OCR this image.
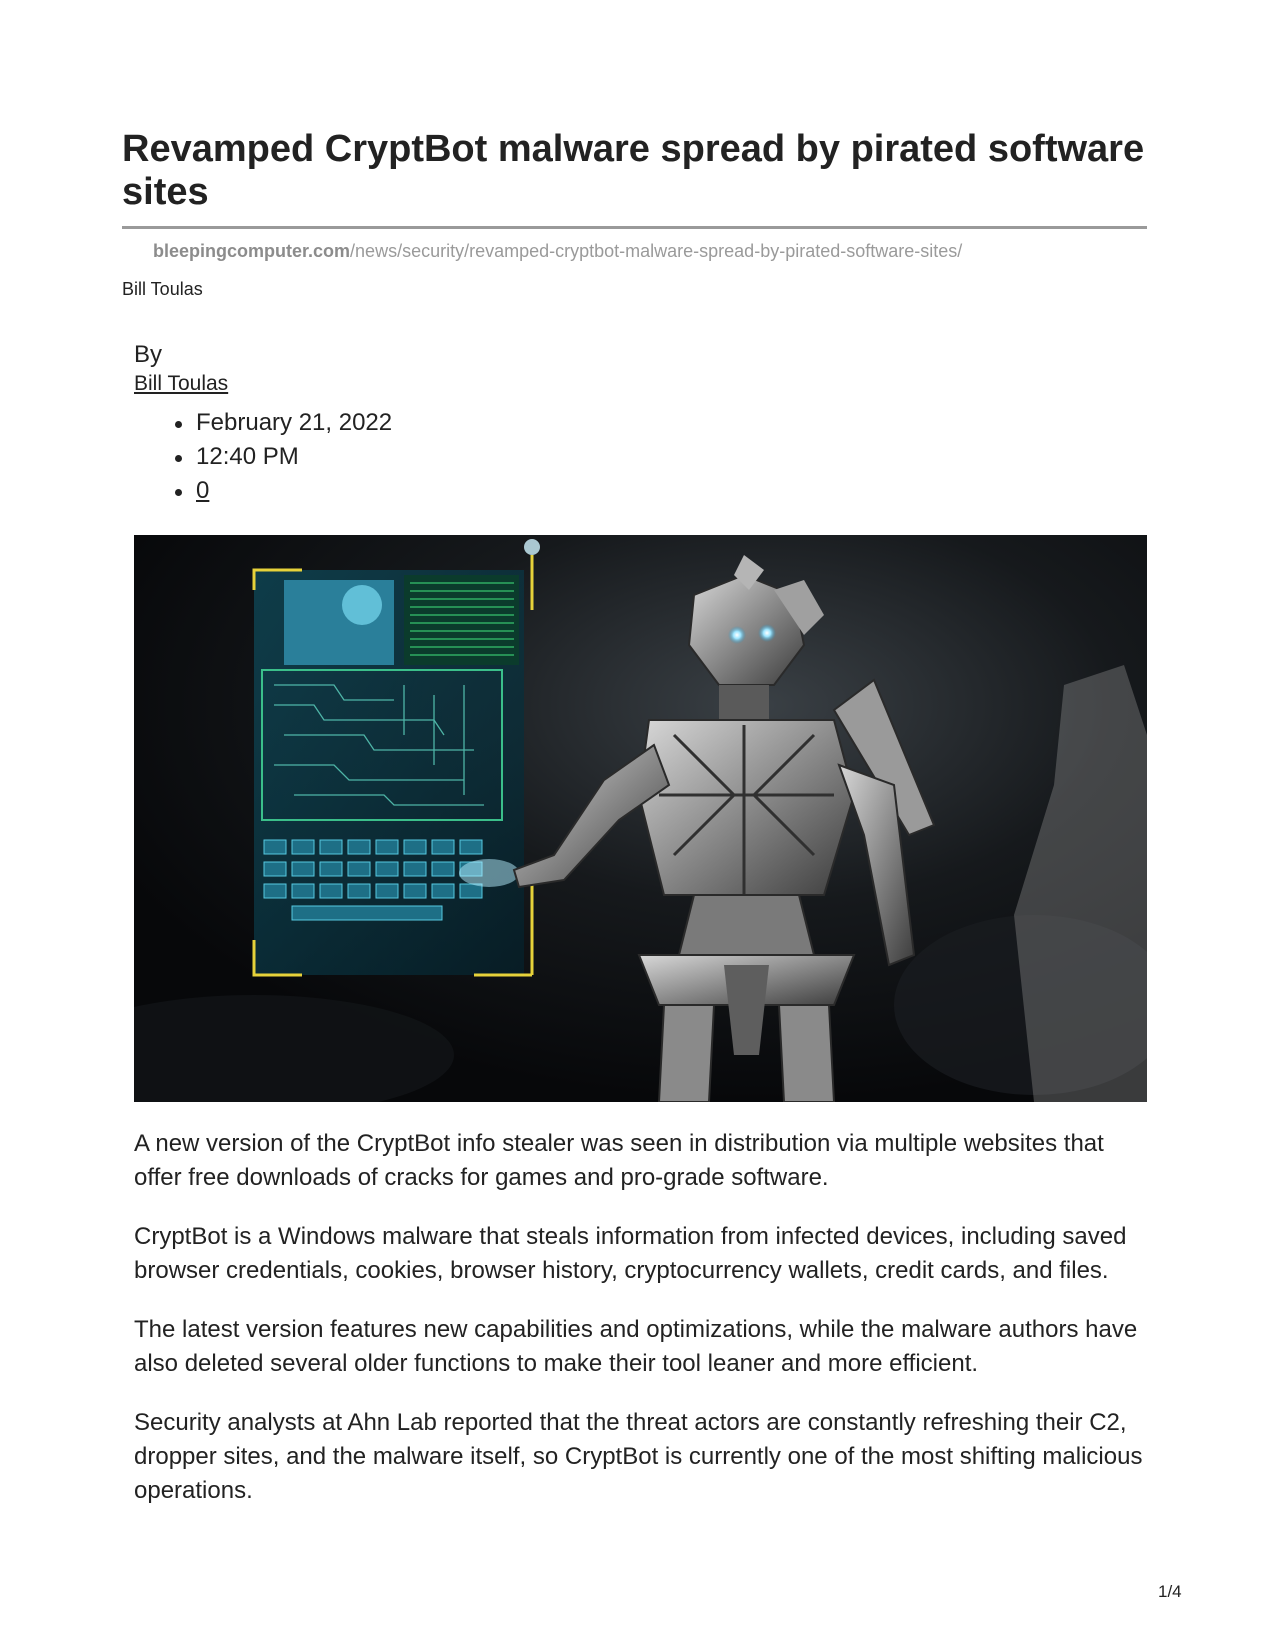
Revamped CryptBot malware spread by pirated software sites
bleepingcomputer.com/news/security/revamped-cryptbot-malware-spread-by-pirated-software-sites/
Bill Toulas
By
Bill Toulas
February 21, 2022
12:40 PM
0

A new version of the CryptBot info stealer was seen in distribution via multiple websites that offer free downloads of cracks for games and pro-grade software.

CryptBot is a Windows malware that steals information from infected devices, including saved browser credentials, cookies, browser history, cryptocurrency wallets, credit cards, and files.

The latest version features new capabilities and optimizations, while the malware authors have also deleted several older functions to make their tool leaner and more efficient.

Security analysts at Ahn Lab reported that the threat actors are constantly refreshing their C2, dropper sites, and the malware itself, so CryptBot is currently one of the most shifting malicious operations.

1/4
